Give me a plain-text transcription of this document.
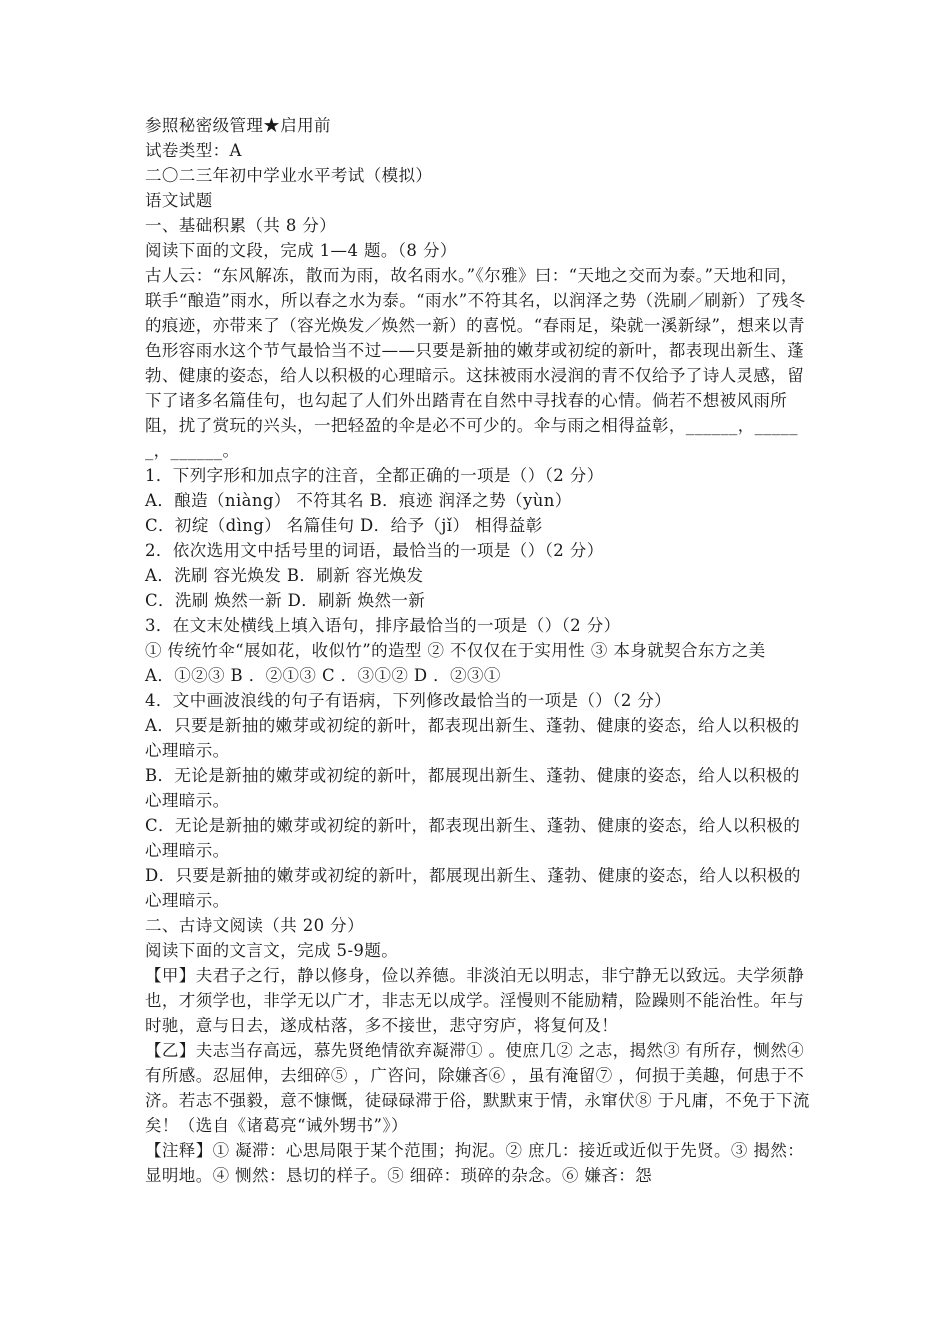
参照秘密级管理★启用前
试卷类型：A
二〇二三年初中学业水平考试（模拟）
语文试题
一、基础积累（共 8 分）
阅读下面的文段，完成 1—4 题。（8 分）
古人云：“东风解冻，散而为雨，故名雨水。”《尔雅》曰：“天地之交而为泰。”天地和同，联手“酿造”雨水，所以春之水为泰。“雨水”不符其名，以润泽之势（洗刷／刷新）了残冬的痕迹，亦带来了（容光焕发／焕然一新）的喜悦。“春雨足，染就一溪新绿”，想来以青色形容雨水这个节气最恰当不过——只要是新抽的嫩芽或初绽的新叶，都表现出新生、蓬勃、健康的姿态，给人以积极的心理暗示。这抹被雨水浸润的青不仅给予了诗人灵感，留下了诸多名篇佳句，也勾起了人们外出踏青在自然中寻找春的心情。倘若不想被风雨所阻，扰了赏玩的兴头，一把轻盈的伞是必不可少的。伞与雨之相得益彰，______，______，______。
1．下列字形和加点字的注音，全都正确的一项是（）（2 分）
A．酿造（niàng） 不符其名 B．痕迹 润泽之势（yùn）
C．初绽（dìng） 名篇佳句 D．给予（jǐ） 相得益彰
2．依次选用文中括号里的词语，最恰当的一项是（）（2 分）
A．洗刷 容光焕发 B．刷新 容光焕发
C．洗刷 焕然一新 D．刷新 焕然一新
3．在文末处横线上填入语句，排序最恰当的一项是（）（2 分）
① 传统竹伞“展如花，收似竹”的造型 ② 不仅仅在于实用性 ③ 本身就契合东方之美
A．①②③ B ．②①③ C ．③①② D ．②③①
4．文中画波浪线的句子有语病，下列修改最恰当的一项是（）（2 分）
A．只要是新抽的嫩芽或初绽的新叶，都表现出新生、蓬勃、健康的姿态，给人以积极的心理暗示。
B．无论是新抽的嫩芽或初绽的新叶，都展现出新生、蓬勃、健康的姿态，给人以积极的心理暗示。
C．无论是新抽的嫩芽或初绽的新叶，都表现出新生、蓬勃、健康的姿态，给人以积极的心理暗示。
D．只要是新抽的嫩芽或初绽的新叶，都展现出新生、蓬勃、健康的姿态，给人以积极的心理暗示。
二、古诗文阅读（共 20 分）
阅读下面的文言文，完成 5-9题。
【甲】夫君子之行，静以修身，俭以养德。非淡泊无以明志，非宁静无以致远。夫学须静也，才须学也，非学无以广才，非志无以成学。淫慢则不能励精，险躁则不能治性。年与时驰，意与日去，遂成枯落，多不接世，悲守穷庐，将复何及！
【乙】夫志当存高远，慕先贤绝情欲弃凝滞① 。使庶几② 之志，揭然③ 有所存，恻然④ 有所感。忍屈伸，去细碎⑤ ，广咨问，除嫌吝⑥ ，虽有淹留⑦ ，何损于美趣，何患于不济。若志不强毅，意不慷慨，徒碌碌滞于俗，默默束于情，永窜伏⑧ 于凡庸，不免于下流矣！（选自《诸葛亮“诫外甥书”》）
【注释】① 凝滞：心思局限于某个范围；拘泥。② 庶几：接近或近似于先贤。③ 揭然：显明地。④ 恻然：恳切的样子。⑤ 细碎：琐碎的杂念。⑥ 嫌吝：怨
